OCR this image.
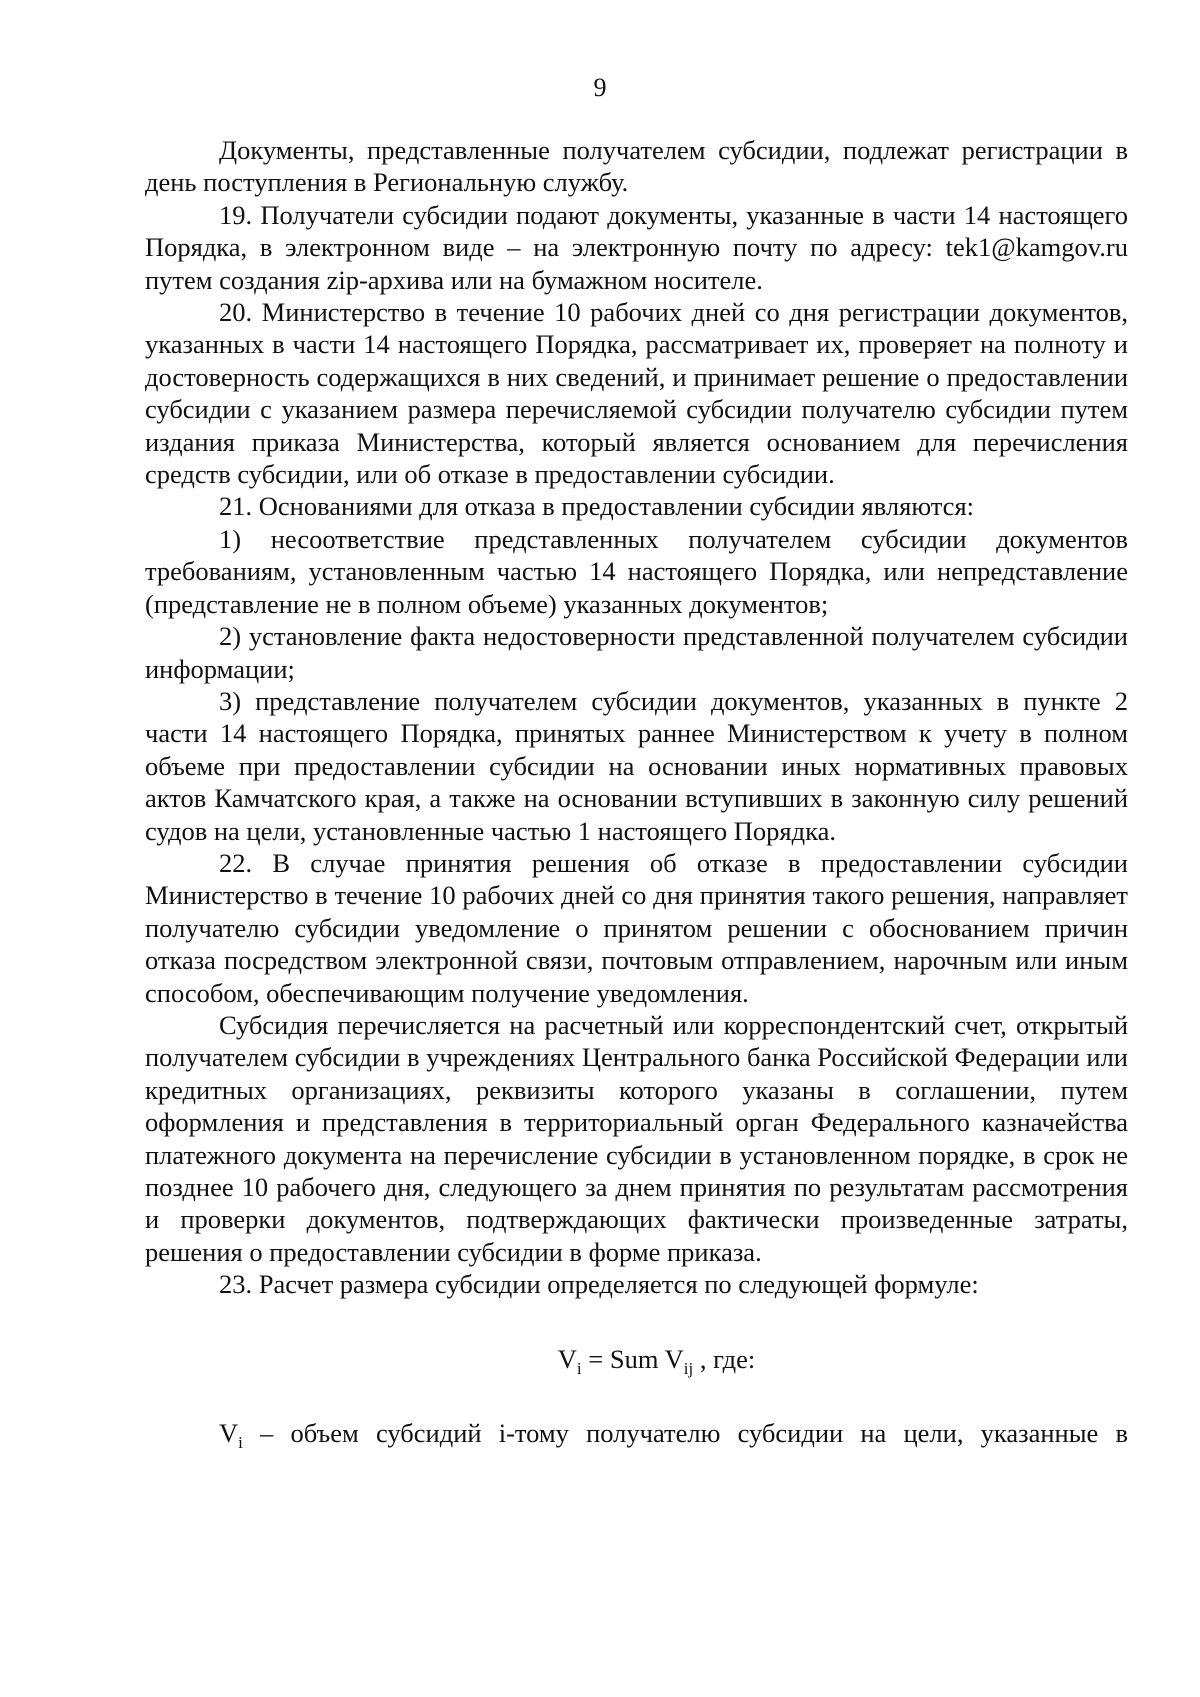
9

Документы, представленные получателем субсидии, подлежат регистрации в день поступления в Региональную службу.

19. Получатели субсидии подают документы, указанные в части 14 настоящего Порядка, в электронном виде – на электронную почту по адресу: tek1@kamgov.ru путем создания zip-архива или на бумажном носителе.

20. Министерство в течение 10 рабочих дней со дня регистрации документов, указанных в части 14 настоящего Порядка, рассматривает их, проверяет на полноту и достоверность содержащихся в них сведений, и принимает решение о предоставлении субсидии с указанием размера перечисляемой субсидии получателю субсидии путем издания приказа Министерства, который является основанием для перечисления средств субсидии, или об отказе в предоставлении субсидии.

21. Основаниями для отказа в предоставлении субсидии являются:

1) несоответствие представленных получателем субсидии документов требованиям, установленным частью 14 настоящего Порядка, или непредставление (представление не в полном объеме) указанных документов;

2) установление факта недостоверности представленной получателем субсидии информации;

3) представление получателем субсидии документов, указанных в пункте 2 части 14 настоящего Порядка, принятых раннее Министерством к учету в полном объеме при предоставлении субсидии на основании иных нормативных правовых актов Камчатского края, а также на основании вступивших в законную силу решений судов на цели, установленные частью 1 настоящего Порядка.

22. В случае принятия решения об отказе в предоставлении субсидии Министерство в течение 10 рабочих дней со дня принятия такого решения, направляет получателю субсидии уведомление о принятом решении с обоснованием причин отказа посредством электронной связи, почтовым отправлением, нарочным или иным способом, обеспечивающим получение уведомления.

Субсидия перечисляется на расчетный или корреспондентский счет, открытый получателем субсидии в учреждениях Центрального банка Российской Федерации или кредитных организациях, реквизиты которого указаны в соглашении, путем оформления и представления в территориальный орган Федерального казначейства платежного документа на перечисление субсидии в установленном порядке, в срок не позднее 10 рабочего дня, следующего за днем принятия по результатам рассмотрения и проверки документов, подтверждающих фактически произведенные затраты, решения о предоставлении субсидии в форме приказа.

23. Расчет размера субсидии определяется по следующей формуле:

$V_i$ = Sum $V_{ij}$ , где:

$V_i$ – объем субсидий i-тому получателю субсидии на цели, указанные в
